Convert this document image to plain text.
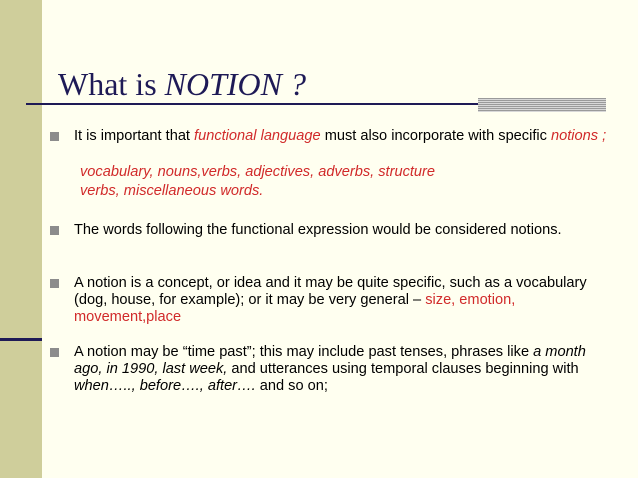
What is NOTION ?

It is important that functional language must also incorporate with specific notions ;

vocabulary, nouns,verbs, adjectives, adverbs, structure

verbs, miscellaneous words.

The words following the functional expression would be considered notions.

A notion is a concept, or idea and it may be quite specific, such as a vocabulary (dog, house, for example); or it may be very general – size, emotion, movement,place

A notion may be “time past”; this may include past tenses, phrases like a month ago, in 1990, last week, and utterances using temporal clauses beginning with when….., before…., after…. and so on;
